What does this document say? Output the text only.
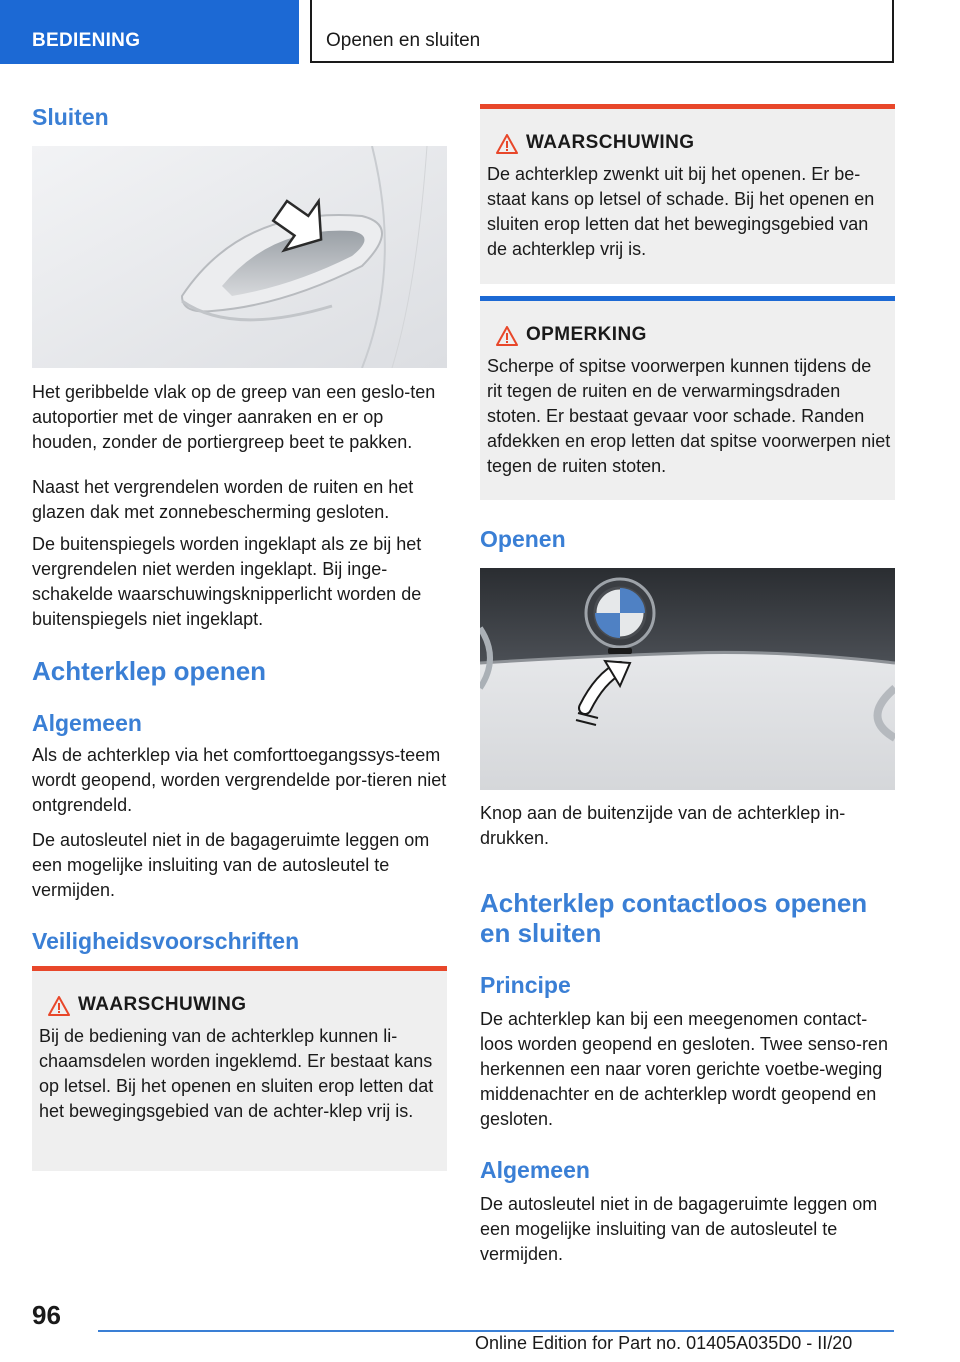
BEDIENING	Openen en sluiten
Sluiten

Het geribbelde vlak op de greep van een geslo-ten autoportier met de vinger aanraken en er op houden, zonder de portiergreep beet te pakken.

Naast het vergrendelen worden de ruiten en het glazen dak met zonnebescherming gesloten.

De buitenspiegels worden ingeklapt als ze bij het vergrendelen niet werden ingeklapt. Bij inge-schakelde waarschuwingsknipperlicht worden de buitenspiegels niet ingeklapt.

Achterklep openen
Algemeen

Als de achterklep via het comforttoegangssys-teem wordt geopend, worden vergrendelde por-tieren niet ontgrendeld.

De autosleutel niet in de bagageruimte leggen om een mogelijke insluiting van de autosleutel te vermijden.

Veiligheidsvoorschriften
WAARSCHUWING

Bij de bediening van de achterklep kunnen li-chaamsdelen worden ingeklemd. Er bestaat kans op letsel. Bij het openen en sluiten erop letten dat het bewegingsgebied van de achter-klep vrij is.

WAARSCHUWING

De achterklep zwenkt uit bij het openen. Er be-staat kans op letsel of schade. Bij het openen en sluiten erop letten dat het bewegingsgebied van de achterklep vrij is.

OPMERKING

Scherpe of spitse voorwerpen kunnen tijdens de rit tegen de ruiten en de verwarmingsdraden stoten. Er bestaat gevaar voor schade. Randen afdekken en erop letten dat spitse voorwerpen niet tegen de ruiten stoten.

Openen

Knop aan de buitenzijde van de achterklep in-drukken.

Achterklep contactloos openen en sluiten
Principe

De achterklep kan bij een meegenomen contact-loos worden geopend en gesloten. Twee senso-ren herkennen een naar voren gerichte voetbe-weging middenachter en de achterklep wordt geopend en gesloten.

Algemeen

De autosleutel niet in de bagageruimte leggen om een mogelijke insluiting van de autosleutel te vermijden.

96
Online Edition for Part no. 01405A035D0 - II/20
